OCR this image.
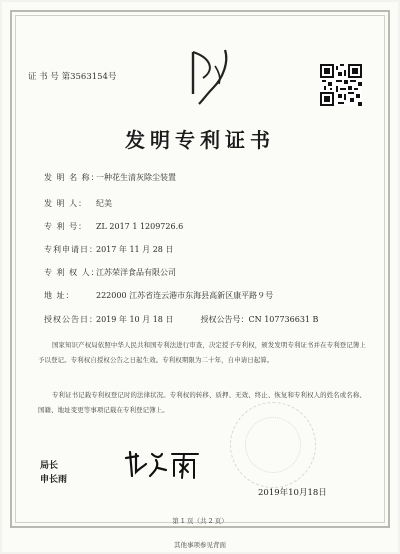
证 书 号 第3563154号
发明专利证书
发 明 名 称：一种花生清灰除尘装置
发 明 人： 纪美
专 利 号： ZL 2017 1 1209726.6
专利申请日：2017 年 11 月 28 日
专 利 权 人：江苏荣洋食品有限公司
地 址：	222000 江苏省连云港市东海县高新区康平路９号
授权公告日：2019 年 10 月 18 日	授权公告号：CN 107736631 B
国家知识产权局依照中华人民共和国专利法进行审查，决定授予专利权，颁发发明专利证书并在专利登记簿上予以登记。专利权自授权公告之日起生效。专利权期限为二十年，自申请日起算。
专利证书记载专利权登记时的法律状况。专利权的转移、质押、无效、终止、恢复和专利权人的姓名或名称、国籍、地址变更等事项记载在专利登记簿上。
局长
申长雨
2019年10月18日
第 1 页（共 2 页）
其他事项参见背面
